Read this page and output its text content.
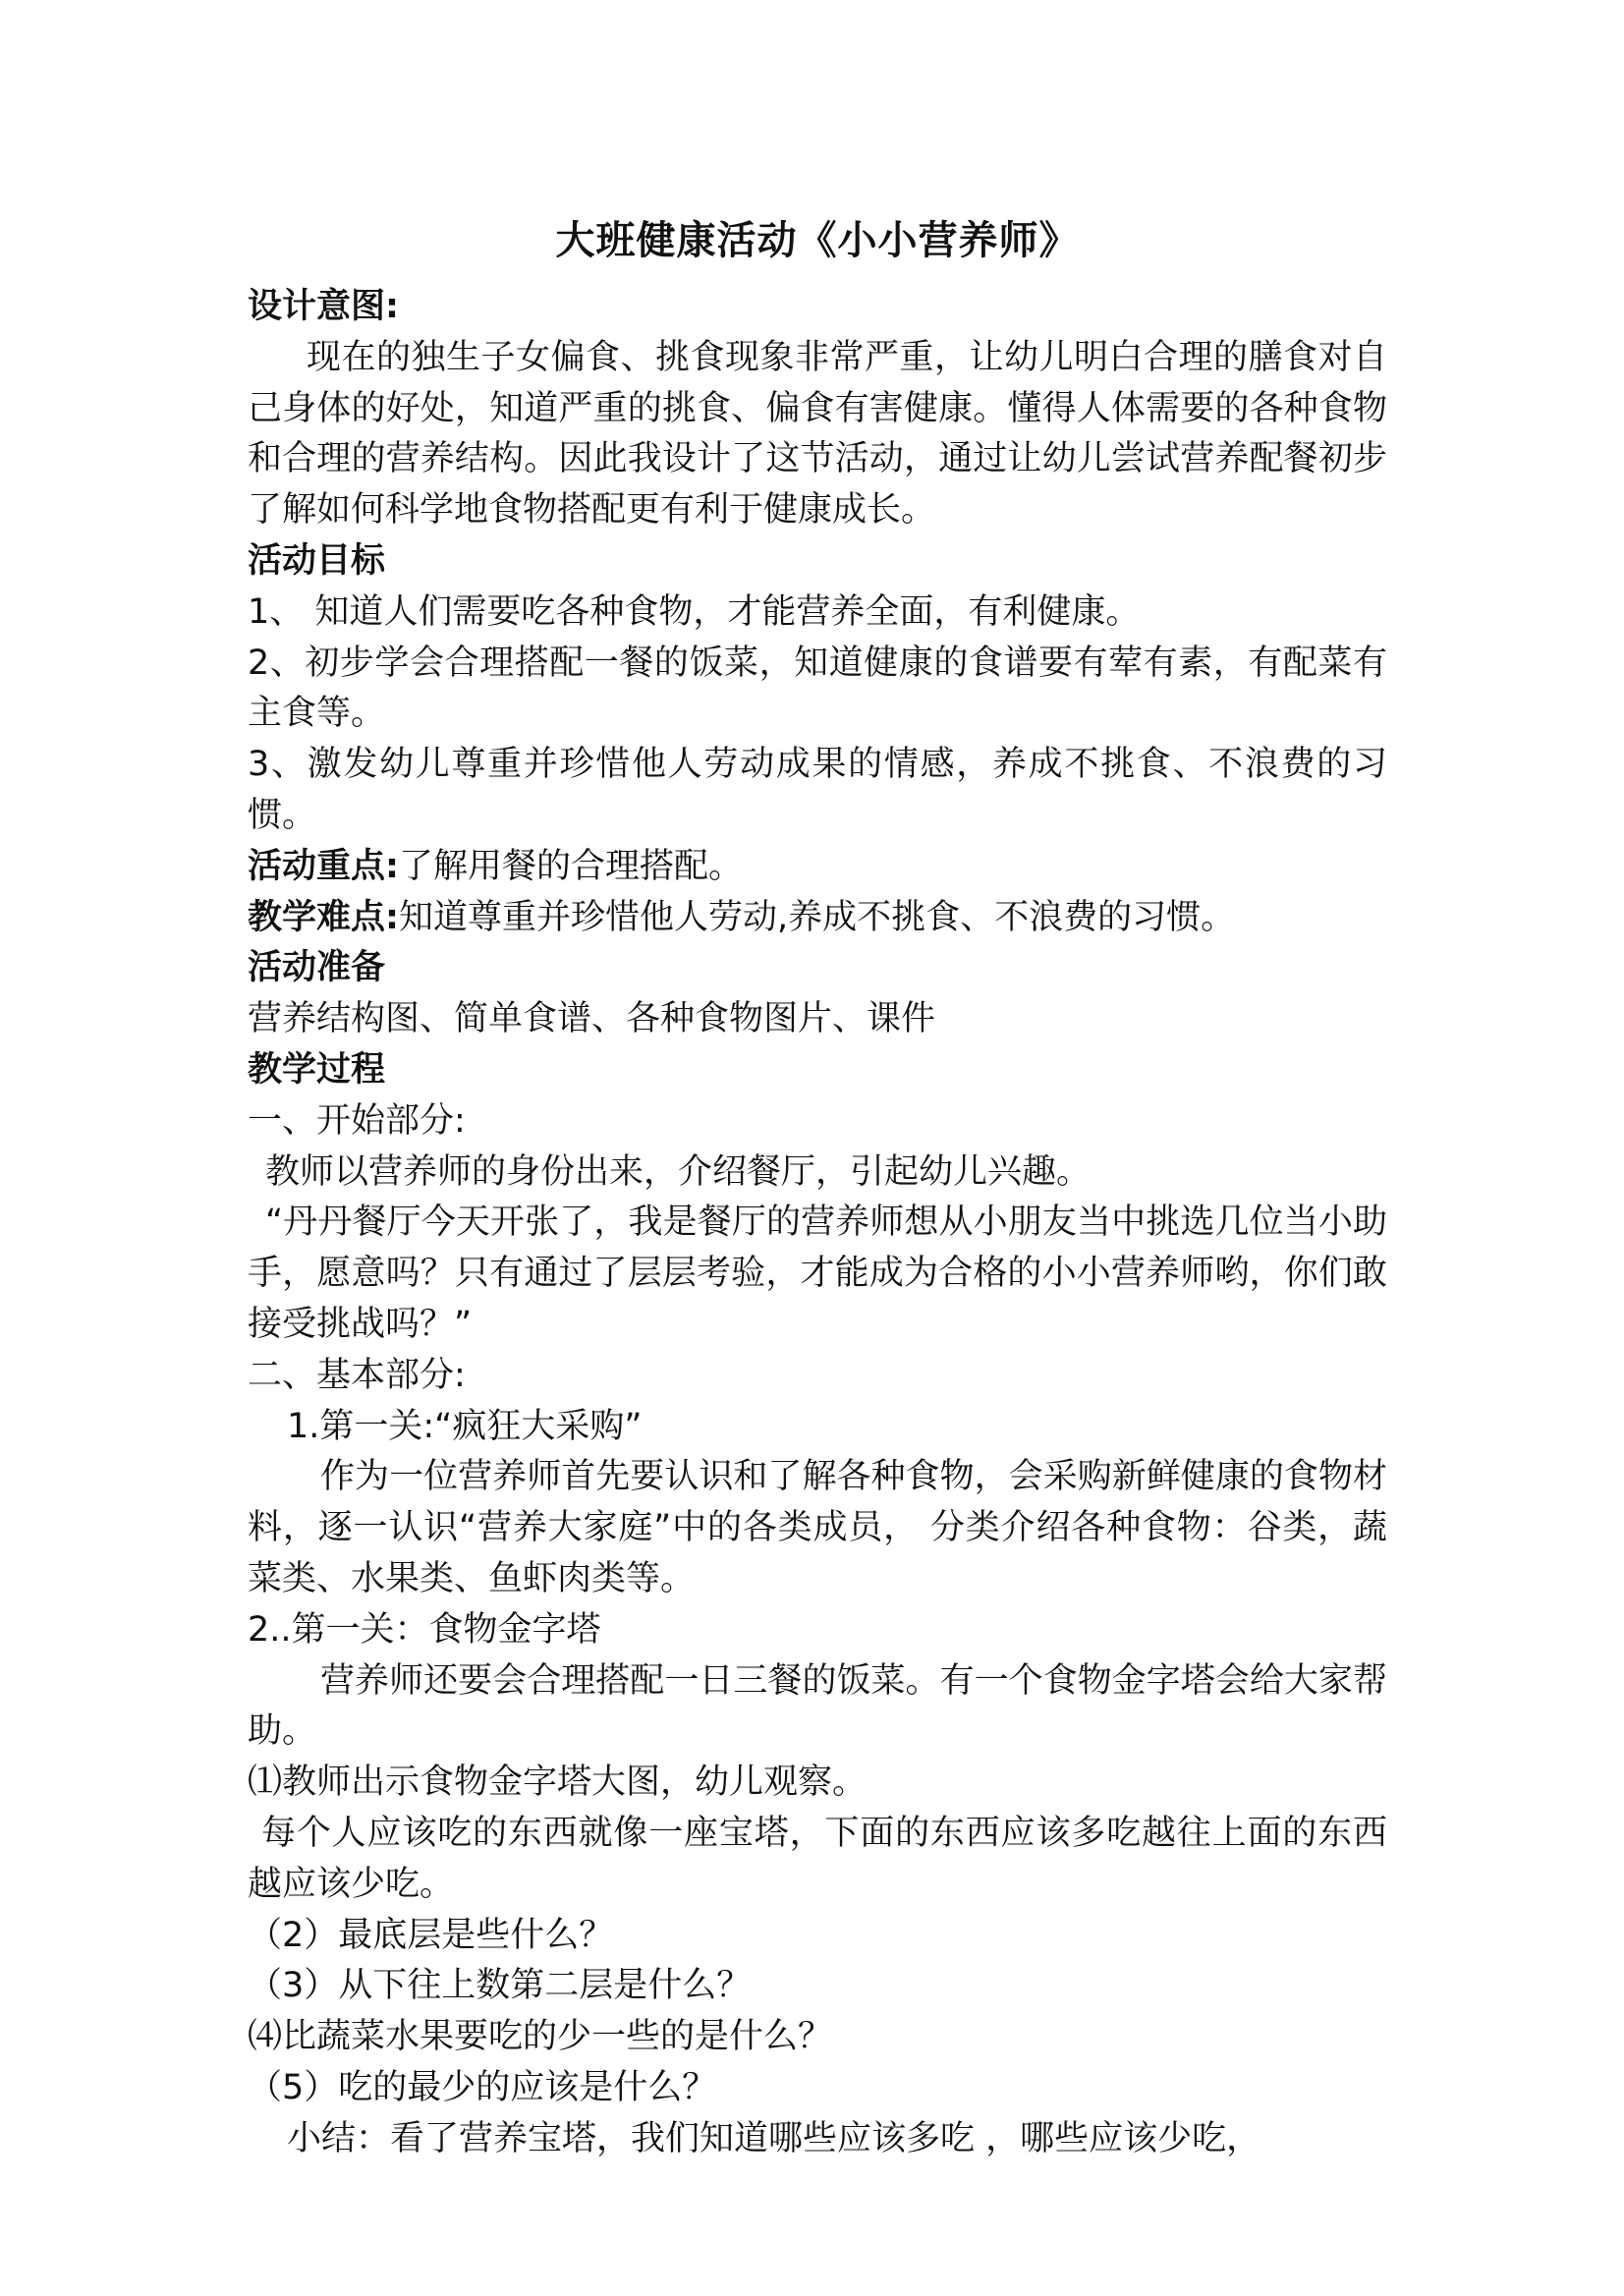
大班健康活动《小小营养师》
设计意图:
现在的独生子女偏食、挑食现象非常严重，让幼儿明白合理的膳食对自己身体的好处，知道严重的挑食、偏食有害健康。懂得人体需要的各种食物和合理的营养结构。因此我设计了这节活动，通过让幼儿尝试营养配餐初步了解如何科学地食物搭配更有利于健康成长。
活动目标
1、 知道人们需要吃各种食物，才能营养全面，有利健康。
2、初步学会合理搭配一餐的饭菜，知道健康的食谱要有荤有素，有配菜有主食等。
3、激发幼儿尊重并珍惜他人劳动成果的情感，养成不挑食、不浪费的习惯。
活动重点:了解用餐的合理搭配。
教学难点:知道尊重并珍惜他人劳动,养成不挑食、不浪费的习惯。
活动准备
营养结构图、简单食谱、各种食物图片、课件
教学过程
一、开始部分:
教师以营养师的身份出来，介绍餐厅，引起幼儿兴趣。
“丹丹餐厅今天开张了，我是餐厅的营养师想从小朋友当中挑选几位当小助手，愿意吗？只有通过了层层考验，才能成为合格的小小营养师哟，你们敢接受挑战吗？”
二、基本部分:
1.第一关:“疯狂大采购”
作为一位营养师首先要认识和了解各种食物，会采购新鲜健康的食物材料，逐一认识“营养大家庭”中的各类成员， 分类介绍各种食物：谷类，蔬菜类、水果类、鱼虾肉类等。
2..第一关：食物金字塔
营养师还要会合理搭配一日三餐的饭菜。有一个食物金字塔会给大家帮助。
⑴教师出示食物金字塔大图，幼儿观察。
每个人应该吃的东西就像一座宝塔，下面的东西应该多吃越往上面的东西越应该少吃。
（2）最底层是些什么？
（3）从下往上数第二层是什么？
⑷比蔬菜水果要吃的少一些的是什么？
（5）吃的最少的应该是什么？
小结：看了营养宝塔，我们知道哪些应该多吃 ，哪些应该少吃，
